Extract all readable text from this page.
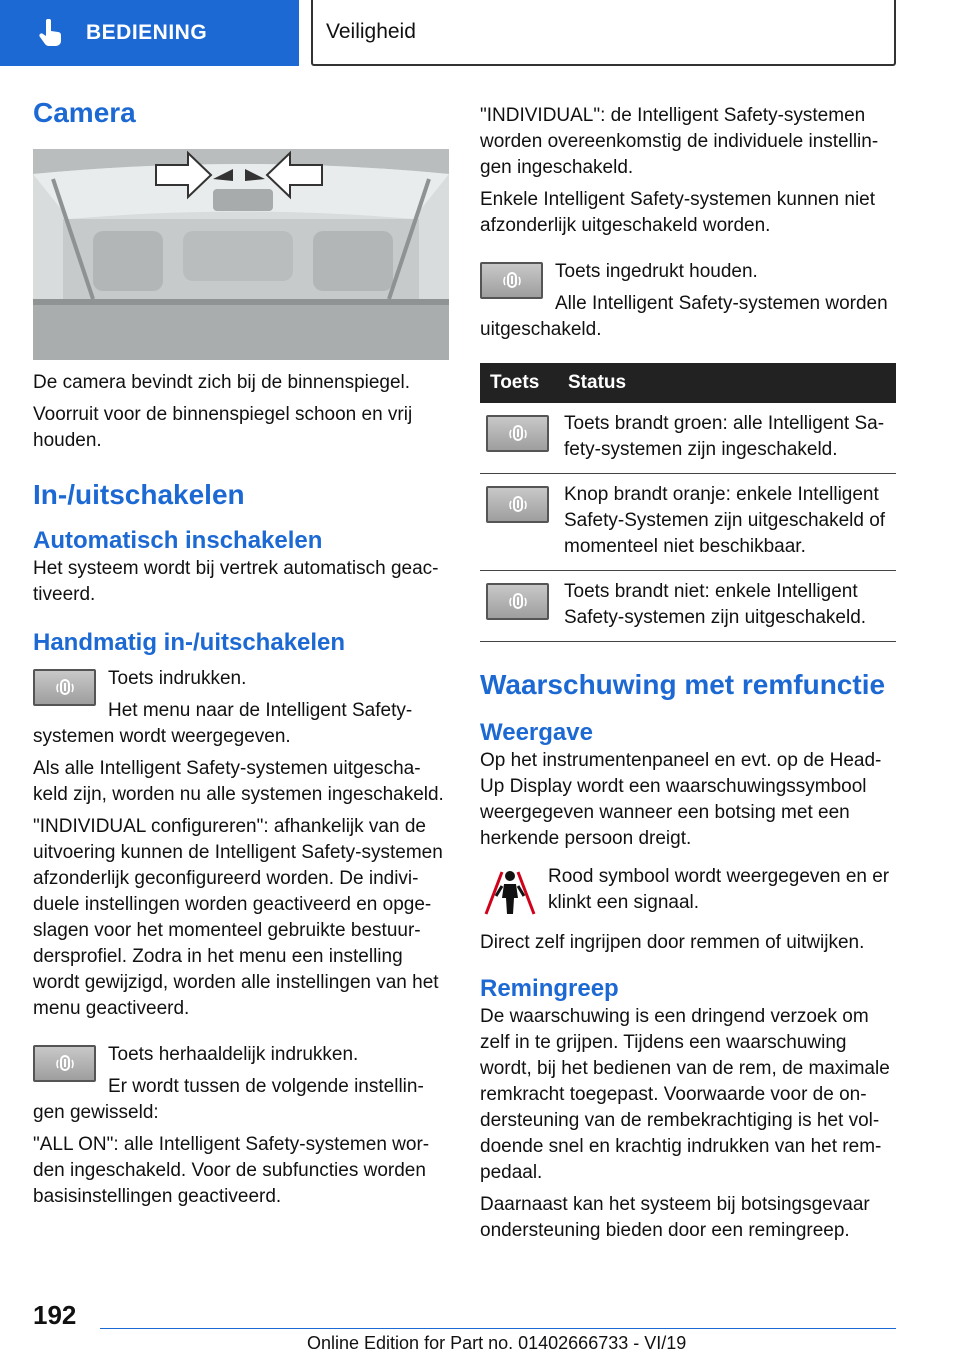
BEDIENING	Veiligheid
Camera

De camera bevindt zich bij de binnenspiegel.

Voorruit voor de binnenspiegel schoon en vrij houden.

In-/uitschakelen
Automatisch inschakelen

Het systeem wordt bij vertrek automatisch geac-tiveerd.

Handmatig in-/uitschakelen

Toets indrukken.

Het menu naar de Intelligent Safety-systemen wordt weergegeven.

Als alle Intelligent Safety-systemen uitgescha-keld zijn, worden nu alle systemen ingeschakeld.

"INDIVIDUAL configureren": afhankelijk van de uitvoering kunnen de Intelligent Safety-systemen afzonderlijk geconfigureerd worden. De indivi-duele instellingen worden geactiveerd en opge-slagen voor het momenteel gebruikte bestuur-dersprofiel. Zodra in het menu een instelling wordt gewijzigd, worden alle instellingen van het menu geactiveerd.

Toets herhaaldelijk indrukken.

Er wordt tussen de volgende instellin-gen gewisseld:

"ALL ON": alle Intelligent Safety-systemen wor-den ingeschakeld. Voor de subfuncties worden basisinstellingen geactiveerd.

"INDIVIDUAL": de Intelligent Safety-systemen worden overeenkomstig de individuele instellin-gen ingeschakeld.

Enkele Intelligent Safety-systemen kunnen niet afzonderlijk uitgeschakeld worden.

Toets ingedrukt houden.

Alle Intelligent Safety-systemen worden uitgeschakeld.

Toets	Status

	Toets brandt groen: alle Intelligent Sa-fety-systemen zijn ingeschakeld.

	Knop brandt oranje: enkele Intelligent Safety-Systemen zijn uitgeschakeld of momenteel niet beschikbaar.

	Toets brandt niet: enkele Intelligent Safety-systemen zijn uitgeschakeld.
Waarschuwing met remfunctie
Weergave

Op het instrumentenpaneel en evt. op de Head-Up Display wordt een waarschuwingssymbool weergegeven wanneer een botsing met een herkende persoon dreigt.

Rood symbool wordt weergegeven en er klinkt een signaal.

Direct zelf ingrijpen door remmen of uitwijken.

Remingreep

De waarschuwing is een dringend verzoek om zelf in te grijpen. Tijdens een waarschuwing wordt, bij het bedienen van de rem, de maximale remkracht toegepast. Voorwaarde voor de on-dersteuning van de rembekrachtiging is het vol-doende snel en krachtig indrukken van het rem-pedaal.

Daarnaast kan het systeem bij botsingsgevaar ondersteuning bieden door een remingreep.

192
Online Edition for Part no. 01402666733 - VI/19
